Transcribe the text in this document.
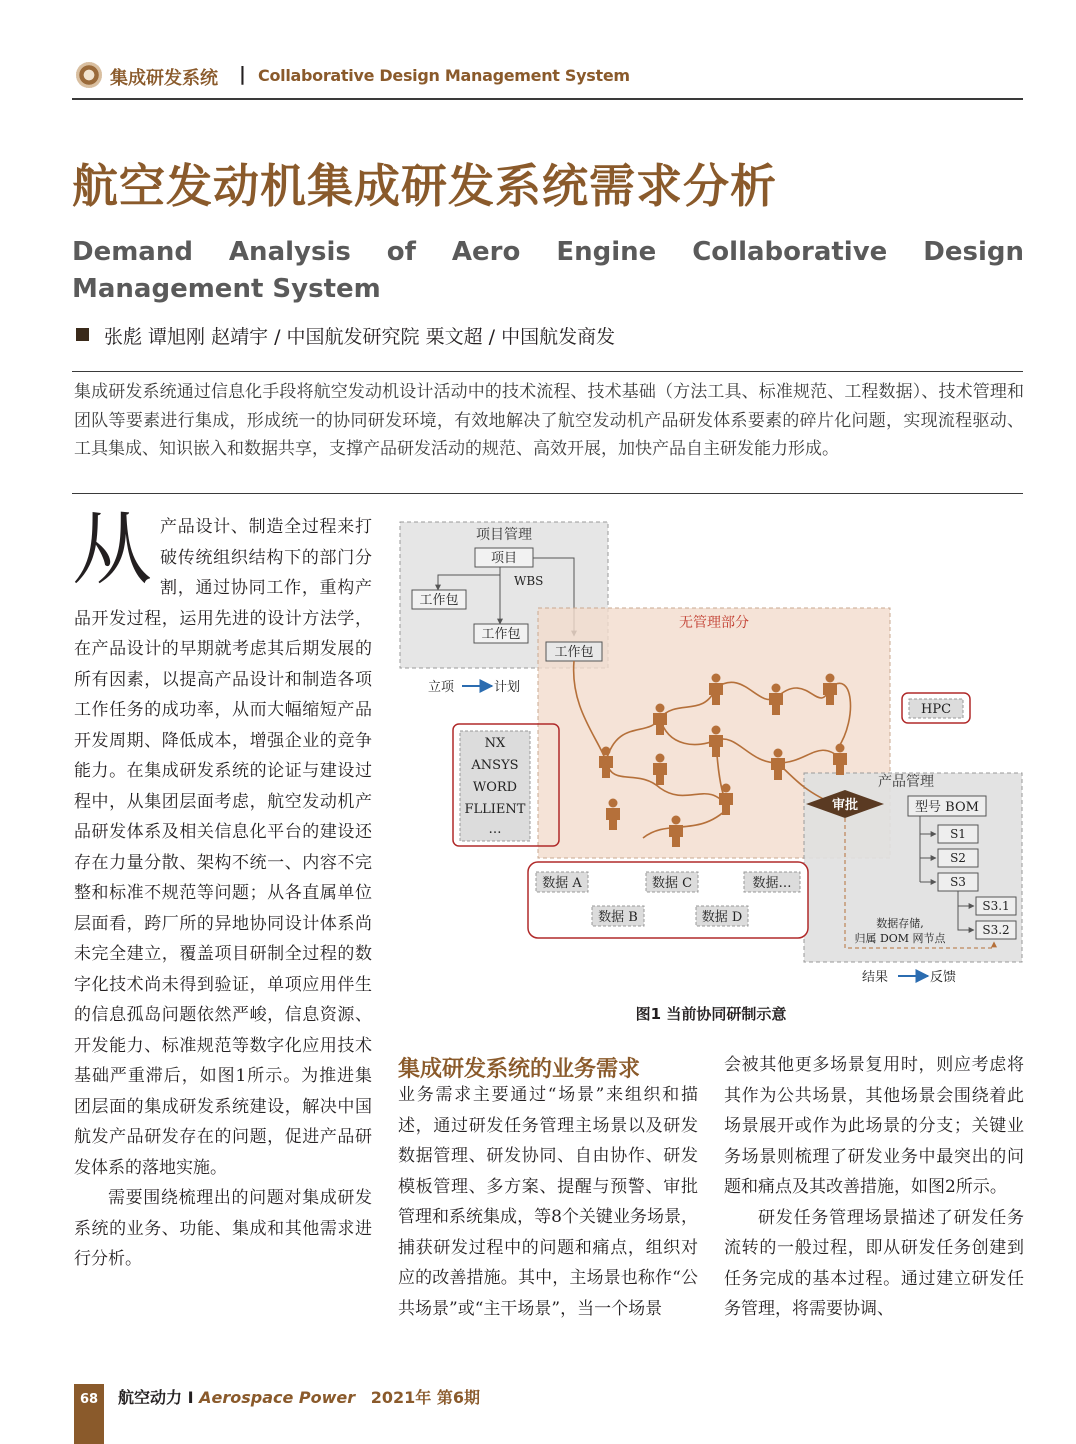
集成研发系统 | Collaborative Design Management System
航空发动机集成研发系统需求分析
Demand Analysis of Aero Engine Collaborative Design Management System
张彪 谭旭刚 赵靖宇 / 中国航发研究院 栗文超 / 中国航发商发
集成研发系统通过信息化手段将航空发动机设计活动中的技术流程、技术基础（方法工具、标准规范、工程数据）、技术管理和团队等要素进行集成，形成统一的协同研发环境，有效地解决了航空发动机产品研发体系要素的碎片化问题，实现流程驱动、工具集成、知识嵌入和数据共享，支撑产品研发活动的规范、高效开展，加快产品自主研发能力形成。

从产品设计、制造全过程来打破传统组织结构下的部门分割，通过协同工作，重构产品开发过程，运用先进的设计方法学，在产品设计的早期就考虑其后期发展的所有因素，以提高产品设计和制造各项工作任务的成功率，从而大幅缩短产品开发周期、降低成本，增强企业的竞争能力。在集成研发系统的论证与建设过程中，从集团层面考虑，航空发动机产品研发体系及相关信息化平台的建设还存在力量分散、架构不统一、内容不完整和标准不规范等问题；从各直属单位层面看，跨厂所的异地协同设计体系尚未完全建立，覆盖项目研制全过程的数字化技术尚未得到验证，单项应用伴生的信息孤岛问题依然严峻，信息资源、开发能力、标准规范等数字化应用技术基础严重滞后，如图1所示。为推进集团层面的集成研发系统建设，解决中国航发产品研发存在的问题，促进产品研发体系的落地实施。

需要围绕梳理出的问题对集成研发系统的业务、功能、集成和其他需求进行分析。

项目管理
项目
工作包
工作包
WBS
无管理部分
工作包
立项	计划
NX
ANSYS
WORD
FLLIENT
…
HPC
产品管理
审批	型号 BOM
S1
S2
S3
S3.1
S3.2
数据存储,
归属 DOM 网节点
数据 A	数据 C	数据…
数据 B	数据 D
结果	反馈
图1 当前协同研制示意
集成研发系统的业务需求

业务需求主要通过“场景”来组织和描述，通过研发任务管理主场景以及研发数据管理、研发协同、自由协作、研发模板管理、多方案、提醒与预警、审批管理和系统集成，等8个关键业务场景，捕获研发过程中的问题和痛点，组织对应的改善措施。其中，主场景也称作“公共场景”或“主干场景”，当一个场景

会被其他更多场景复用时，则应考虑将其作为公共场景，其他场景会围绕着此场景展开或作为此场景的分支；关键业务场景则梳理了研发业务中最突出的问题和痛点及其改善措施，如图2所示。

研发任务管理场景描述了研发任务流转的一般过程，即从研发任务创建到任务完成的基本过程。通过建立研发任务管理，将需要协调、

68	航空动力 I Aerospace Power 2021年 第6期
